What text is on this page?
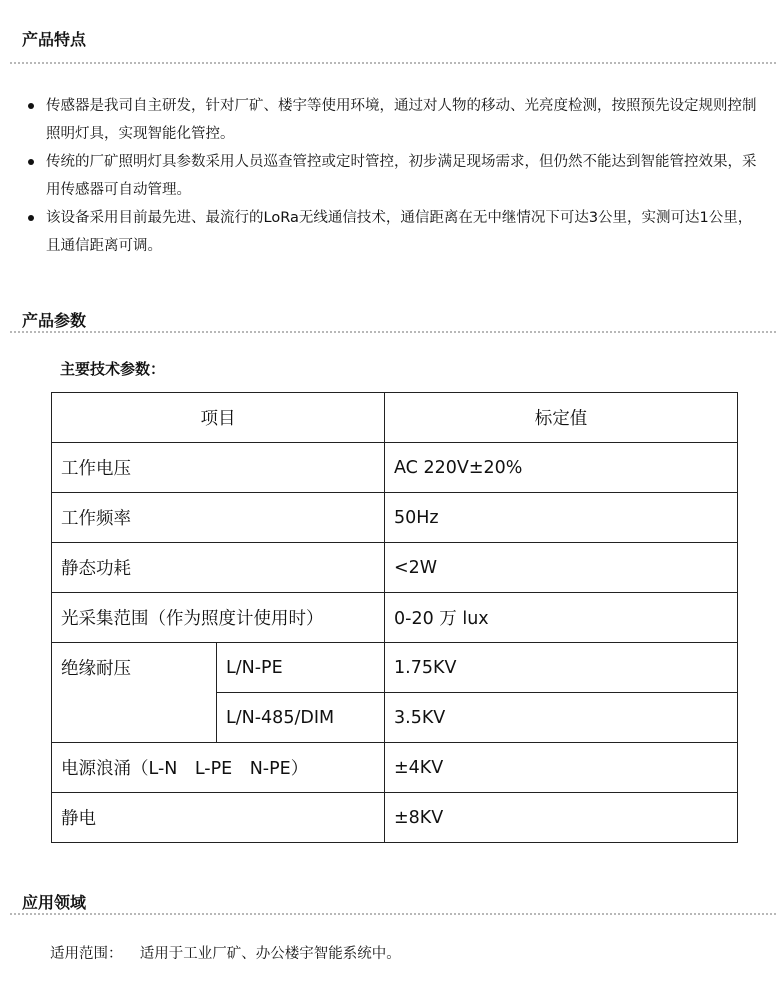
产品特点
传感器是我司自主研发，针对厂矿、楼宇等使用环境，通过对人物的移动、光亮度检测，按照预先设定规则控制照明灯具，实现智能化管控。
传统的厂矿照明灯具参数采用人员巡查管控或定时管控，初步满足现场需求，但仍然不能达到智能管控效果，采用传感器可自动管理。
该设备采用目前最先进、最流行的LoRa无线通信技术，通信距离在无中继情况下可达3公里，实测可达1公里，且通信距离可调。
产品参数
主要技术参数：
项目		标定值
工作电压		AC 220V±20%
工作频率		50Hz
静态功耗		<2W
光采集范围（作为照度计使用时）		0-20 万 lux
绝缘耐压	L/N-PE	1.75KV
	L/N-485/DIM	3.5KV
电源浪涌（L-N　L-PE　N-PE）		±4KV
静电		±8KV
应用领域
适用范围： 适用于工业厂矿、办公楼宇智能系统中。
